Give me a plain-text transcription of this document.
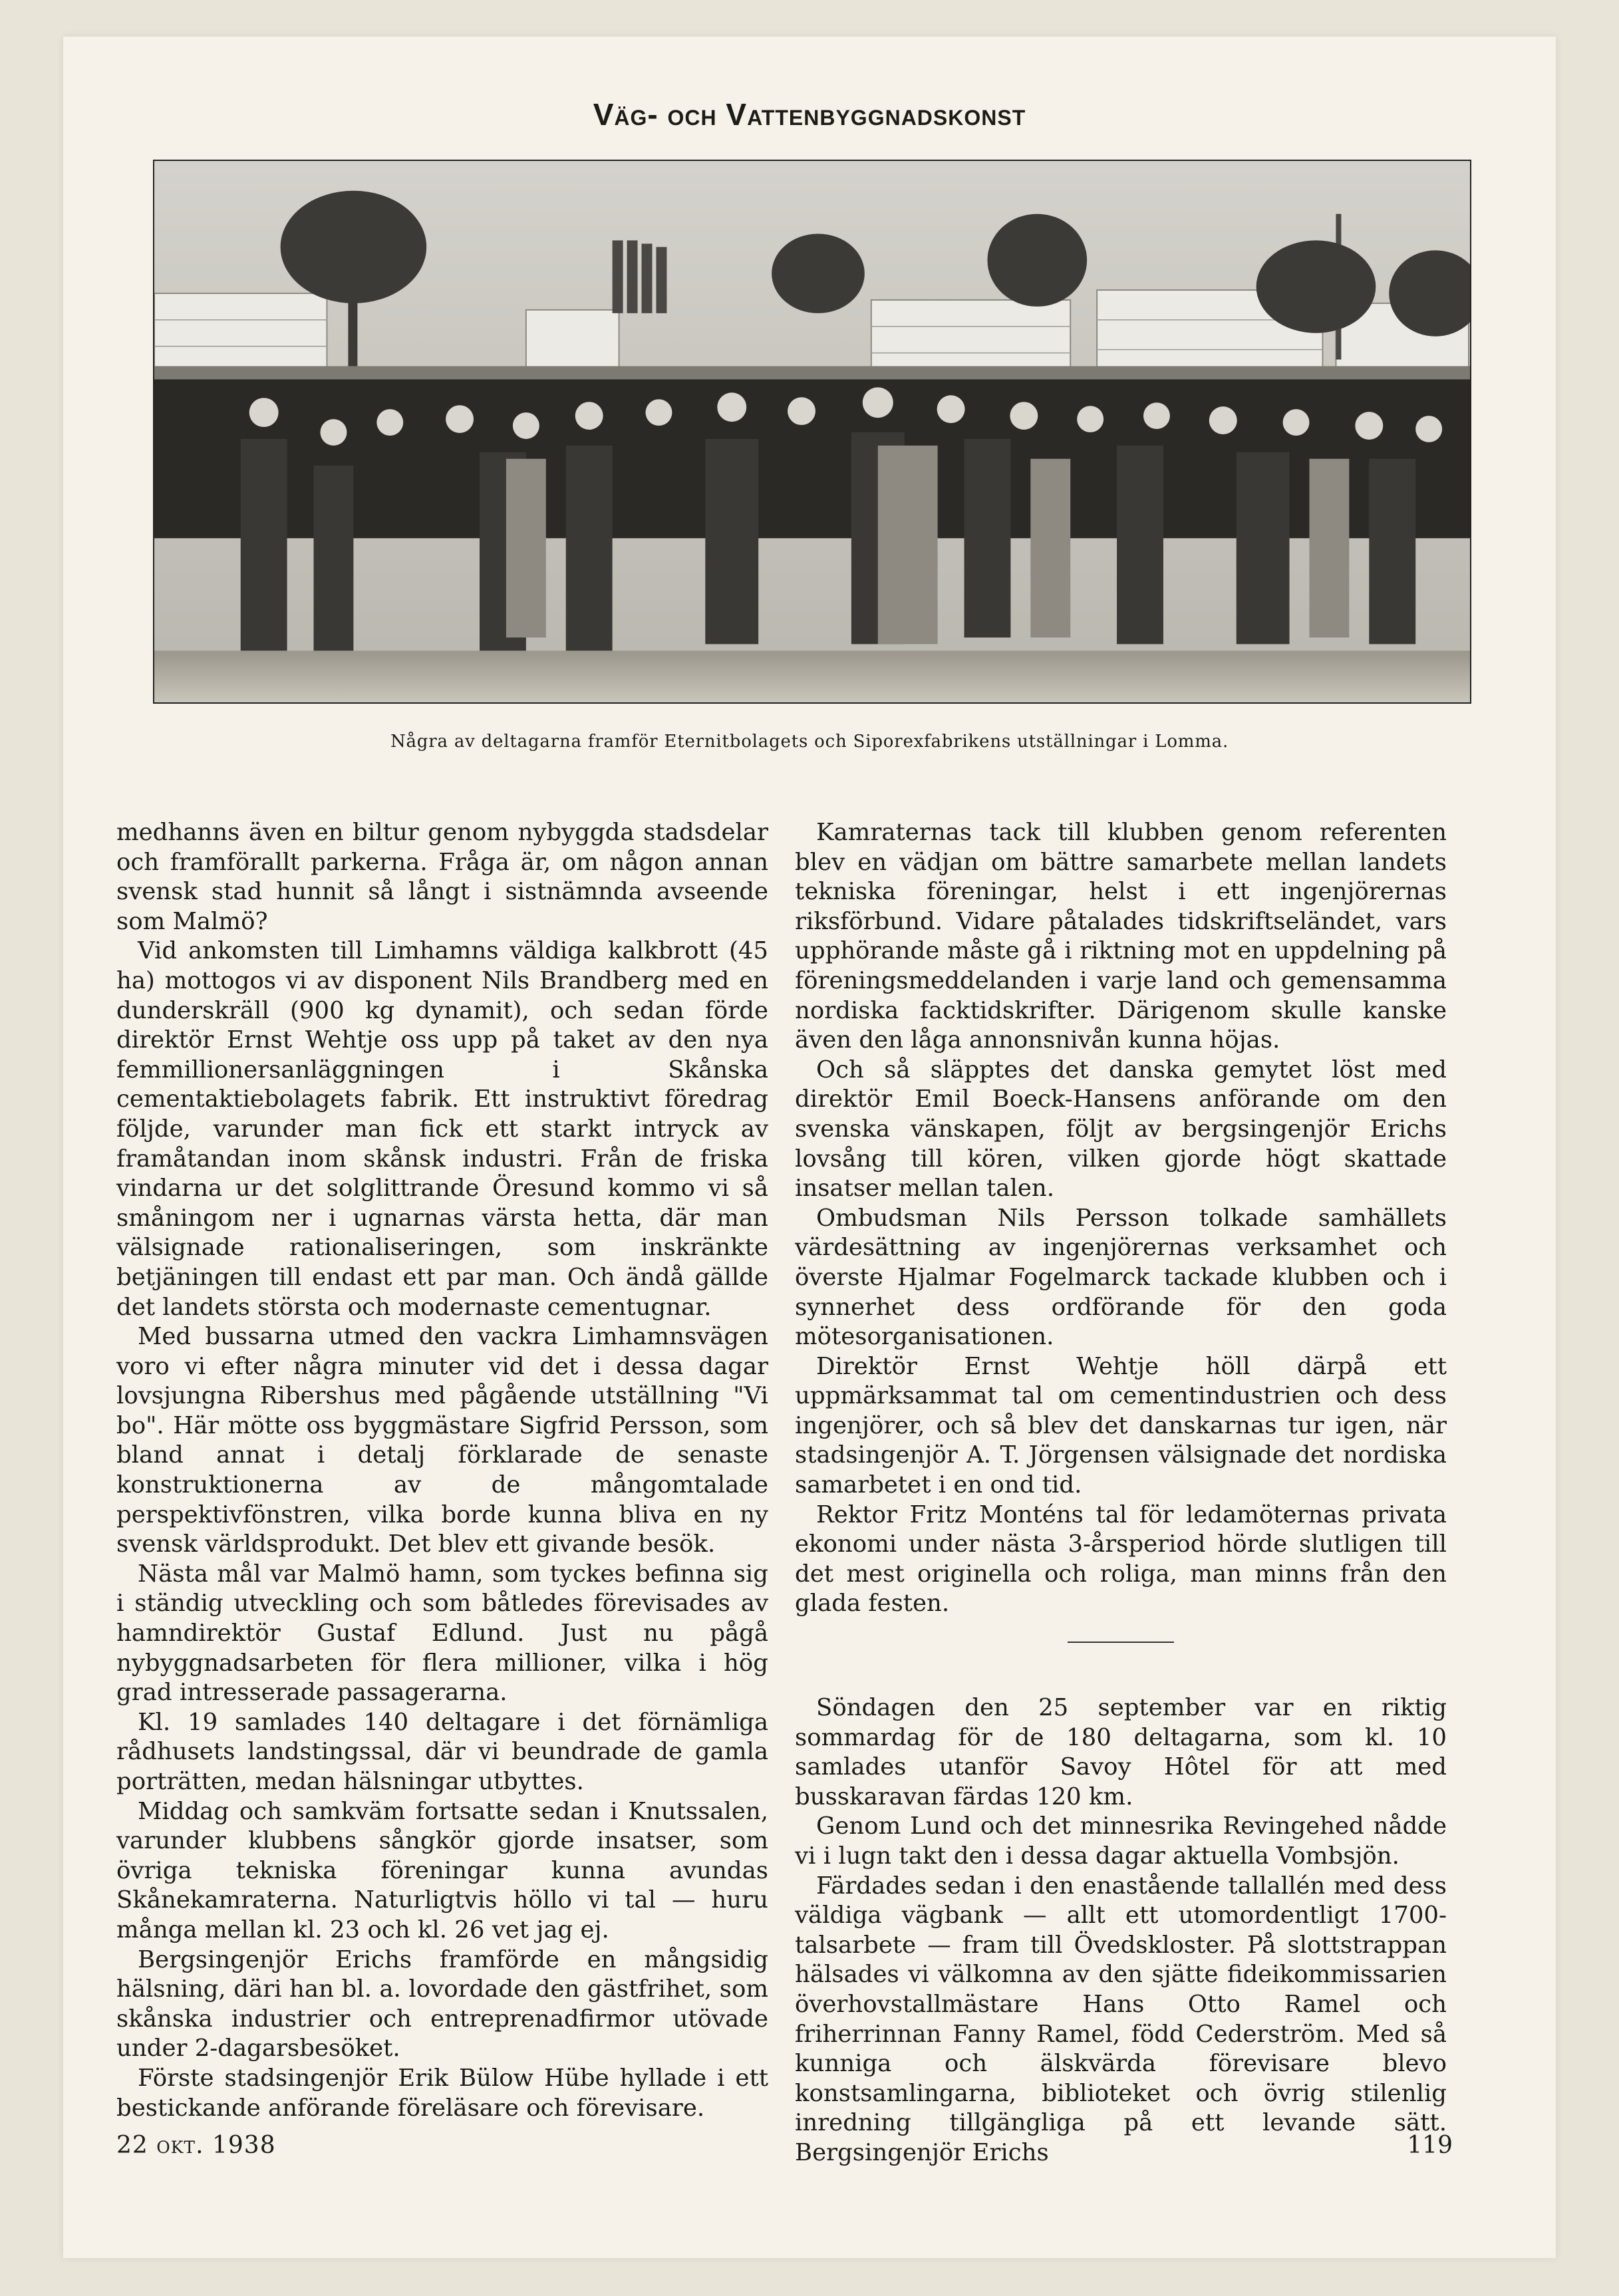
Väg- och Vattenbyggnadskonst
Några av deltagarna framför Eternitbolagets och Siporexfabrikens utställningar i Lomma.

medhanns även en biltur genom nybyggda stadsdelar och framförallt parkerna. Fråga är, om någon annan svensk stad hunnit så långt i sistnämnda avseende som Malmö?

Vid ankomsten till Limhamns väldiga kalkbrott (45 ha) mottogos vi av disponent Nils Brandberg med en dunderskräll (900 kg dynamit), och sedan förde direktör Ernst Wehtje oss upp på taket av den nya femmillionersanläggningen i Skånska cementaktiebolagets fabrik. Ett instruktivt föredrag följde, varunder man fick ett starkt intryck av framåtandan inom skånsk industri. Från de friska vindarna ur det solglittrande Öresund kommo vi så småningom ner i ugnarnas värsta hetta, där man välsignade rationaliseringen, som inskränkte betjäningen till endast ett par man. Och ändå gällde det landets största och modernaste cementugnar.

Med bussarna utmed den vackra Limhamnsvägen voro vi efter några minuter vid det i dessa dagar lovsjungna Ribershus med pågående utställning "Vi bo". Här mötte oss byggmästare Sigfrid Persson, som bland annat i detalj förklarade de senaste konstruktionerna av de mångomtalade perspektivfönstren, vilka borde kunna bliva en ny svensk världsprodukt. Det blev ett givande besök.

Nästa mål var Malmö hamn, som tyckes befinna sig i ständig utveckling och som båtledes förevisades av hamndirektör Gustaf Edlund. Just nu pågå nybyggnadsarbeten för flera millioner, vilka i hög grad intresserade passagerarna.

Kl. 19 samlades 140 deltagare i det förnämliga rådhusets landstingssal, där vi beundrade de gamla porträtten, medan hälsningar utbyttes.

Middag och samkväm fortsatte sedan i Knutssalen, varunder klubbens sångkör gjorde insatser, som övriga tekniska föreningar kunna avundas Skånekamraterna. Naturligtvis höllo vi tal — huru många mellan kl. 23 och kl. 26 vet jag ej.

Bergsingenjör Erichs framförde en mångsidig hälsning, däri han bl. a. lovordade den gästfrihet, som skånska industrier och entreprenadfirmor utövade under 2-dagarsbesöket.

Förste stadsingenjör Erik Bülow Hübe hyllade i ett bestickande anförande föreläsare och förevisare.

Kamraternas tack till klubben genom referenten blev en vädjan om bättre samarbete mellan landets tekniska föreningar, helst i ett ingenjörernas riksförbund. Vidare påtalades tidskriftseländet, vars upphörande måste gå i riktning mot en uppdelning på föreningsmeddelanden i varje land och gemensamma nordiska facktidskrifter. Därigenom skulle kanske även den låga annonsnivån kunna höjas.

Och så släpptes det danska gemytet löst med direktör Emil Boeck-Hansens anförande om den svenska vänskapen, följt av bergsingenjör Erichs lovsång till kören, vilken gjorde högt skattade insatser mellan talen.

Ombudsman Nils Persson tolkade samhällets värdesättning av ingenjörernas verksamhet och överste Hjalmar Fogelmarck tackade klubben och i synnerhet dess ordförande för den goda mötesorganisationen.

Direktör Ernst Wehtje höll därpå ett uppmärksammat tal om cementindustrien och dess ingenjörer, och så blev det danskarnas tur igen, när stadsingenjör A. T. Jörgensen välsignade det nordiska samarbetet i en ond tid.

Rektor Fritz Monténs tal för ledamöternas privata ekonomi under nästa 3-årsperiod hörde slutligen till det mest originella och roliga, man minns från den glada festen.

Söndagen den 25 september var en riktig sommardag för de 180 deltagarna, som kl. 10 samlades utanför Savoy Hôtel för att med busskaravan färdas 120 km.

Genom Lund och det minnesrika Revingehed nådde vi i lugn takt den i dessa dagar aktuella Vombsjön.

Färdades sedan i den enastående tallallén med dess väldiga vägbank — allt ett utomordentligt 1700-talsarbete — fram till Övedskloster. På slottstrappan hälsades vi välkomna av den sjätte fideikommissarien överhovstallmästare Hans Otto Ramel och friherrinnan Fanny Ramel, född Cederström. Med så kunniga och älskvärda förevisare blevo konstsamlingarna, biblioteket och övrig stilenlig inredning tillgängliga på ett levande sätt. Bergsingenjör Erichs

22 okt. 1938	119
